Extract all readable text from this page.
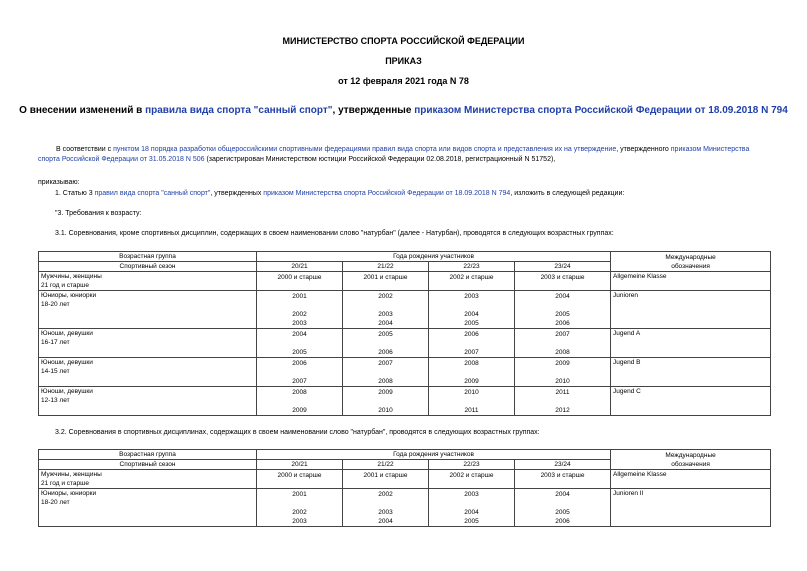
МИНИСТЕРСТВО СПОРТА РОССИЙСКОЙ ФЕДЕРАЦИИ
ПРИКАЗ
от 12 февраля 2021 года N 78
О внесении изменений в правила вида спорта "санный спорт", утвержденные приказом Министерства спорта Российской Федерации от 18.09.2018 N 794
В соответствии с пунктом 18 порядка разработки общероссийскими спортивными федерациями правил вида спорта или видов спорта и представления их на утверждение, утвержденного приказом Министерства спорта Российской Федерации от 31.05.2018 N 506 (зарегистрирован Министерством юстиции Российской Федерации 02.08.2018, регистрационный N 51752),
приказываю:
1. Статью 3 правил вида спорта "санный спорт", утвержденных приказом Министерства спорта Российской Федерации от 18.09.2018 N 794, изложить в следующей редакции:
"3. Требования к возрасту:
3.1. Соревнования, кроме спортивных дисциплин, содержащих в своем наименовании слово "натурбан" (далее - Натурбан), проводятся в следующих возрастных группах:
Возрастная группа	Года рождения участников				Международные
обозначения

Спортивный сезон	20/21	21/22	22/23	23/24	

Мужчины, женщины
21 год и старше	2000 и старше	2001 и старше	2002 и старше	2003 и старше	Allgemeine Klasse

Юниоры, юниорки
18-20 лет	2001
2002
2003	2002
2003
2004	2003
2004
2005	2004
2005
2006	Junioren

Юноши, девушки
16-17 лет	2004
2005	2005
2006	2006
2007	2007
2008	Jugend A

Юноши, девушки
14-15 лет	2006
2007	2007
2008	2008
2009	2009
2010	Jugend B

Юноши, девушки
12-13 лет	2008
2009	2009
2010	2010
2011	2011
2012	Jugend C
3.2. Соревнования в спортивных дисциплинах, содержащих в своем наименовании слово "натурбан", проводятся в следующих возрастных группах:
Возрастная группа	Года рождения участников				Международные
обозначения

Спортивный сезон	20/21	21/22	22/23	23/24	

Мужчины, женщины
21 год и старше	2000 и старше	2001 и старше	2002 и старше	2003 и старше	Allgemeine Klasse

Юниоры, юниорки
18-20 лет	2001
2002
2003	2002
2003
2004	2003
2004
2005	2004
2005
2006	Junioren II
